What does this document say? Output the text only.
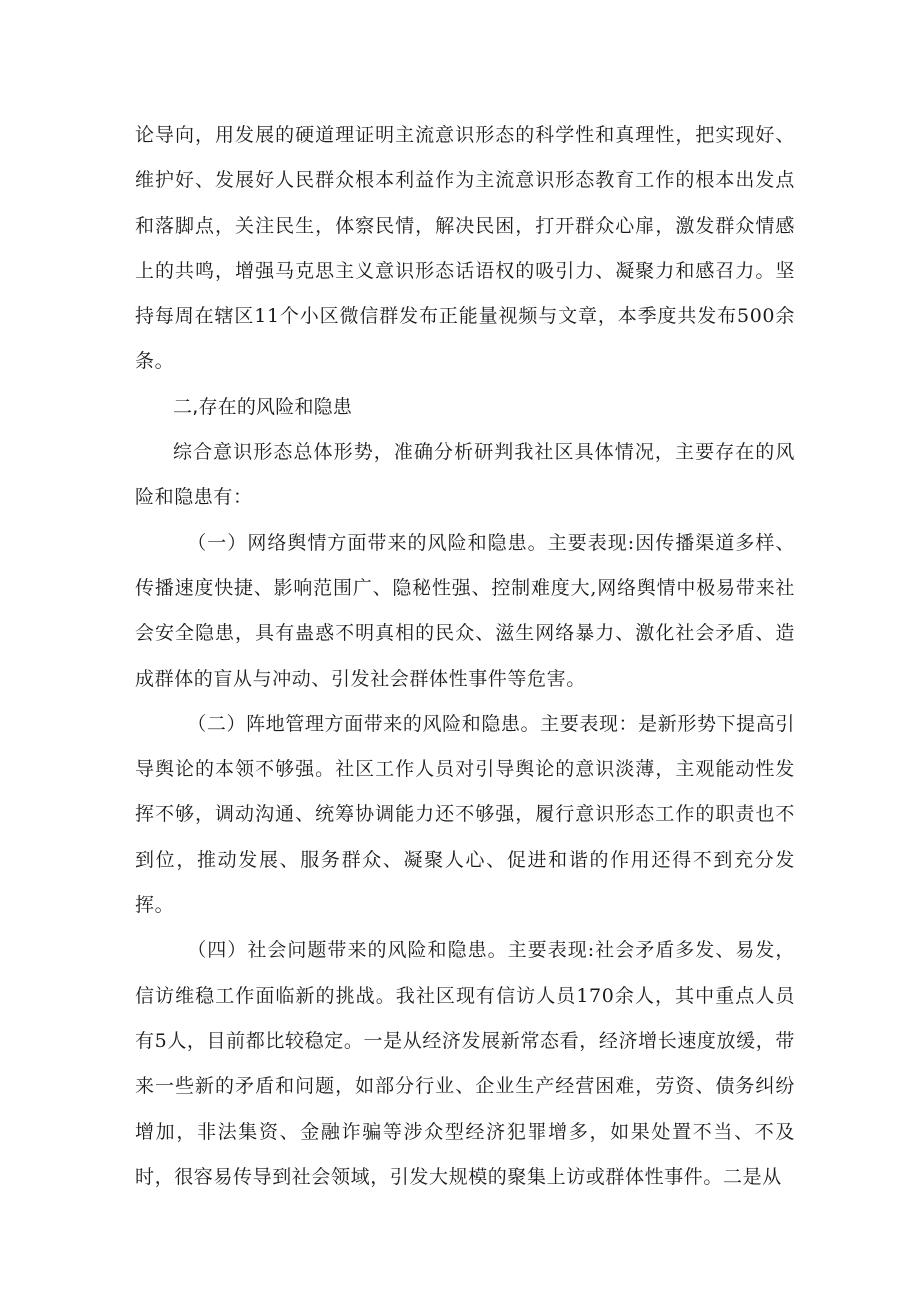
论导向，用发展的硬道理证明主流意识形态的科学性和真理性，把实现好、维护好、发展好人民群众根本利益作为主流意识形态教育工作的根本出发点和落脚点，关注民生，体察民情，解决民困，打开群众心扉，激发群众情感上的共鸣，增强马克思主义意识形态话语权的吸引力、凝聚力和感召力。坚持每周在辖区11个小区微信群发布正能量视频与文章，本季度共发布500余条。

二,存在的风险和隐患

综合意识形态总体形势，准确分析研判我社区具体情况，主要存在的风险和隐患有：

（一）网络舆情方面带来的风险和隐患。主要表现:因传播渠道多样、传播速度快捷、影响范围广、隐秘性强、控制难度大,网络舆情中极易带来社会安全隐患，具有蛊惑不明真相的民众、滋生网络暴力、激化社会矛盾、造成群体的盲从与冲动、引发社会群体性事件等危害。

（二）阵地管理方面带来的风险和隐患。主要表现：是新形势下提高引导舆论的本领不够强。社区工作人员对引导舆论的意识淡薄，主观能动性发挥不够，调动沟通、统筹协调能力还不够强，履行意识形态工作的职责也不到位，推动发展、服务群众、凝聚人心、促进和谐的作用还得不到充分发挥。

（四）社会问题带来的风险和隐患。主要表现:社会矛盾多发、易发，信访维稳工作面临新的挑战。我社区现有信访人员170余人，其中重点人员有5人，目前都比较稳定。一是从经济发展新常态看，经济增长速度放缓，带来一些新的矛盾和问题，如部分行业、企业生产经营困难，劳资、债务纠纷增加，非法集资、金融诈骗等涉众型经济犯罪增多，如果处置不当、不及时，很容易传导到社会领域，引发大规模的聚集上访或群体性事件。二是从
